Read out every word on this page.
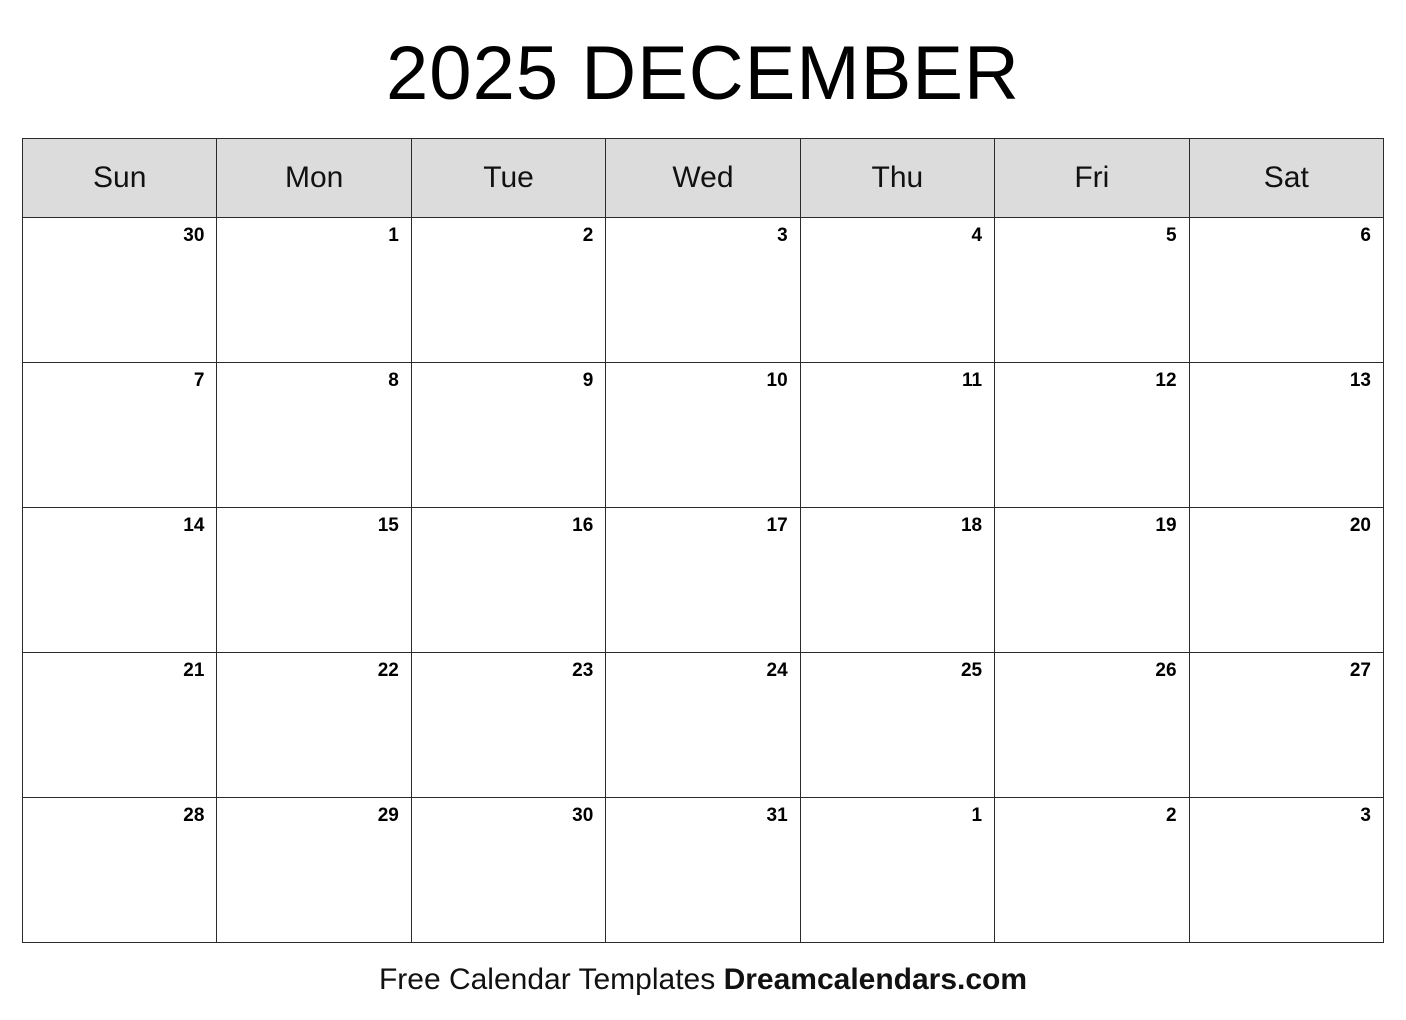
2025 DECEMBER
Sun	Mon	Tue	Wed	Thu	Fri	Sat

30	1	2	3	4	5	6

7	8	9	10	11	12	13

14	15	16	17	18	19	20

21	22	23	24	25	26	27

28	29	30	31	1	2	3
Free Calendar Templates Dreamcalendars.com
